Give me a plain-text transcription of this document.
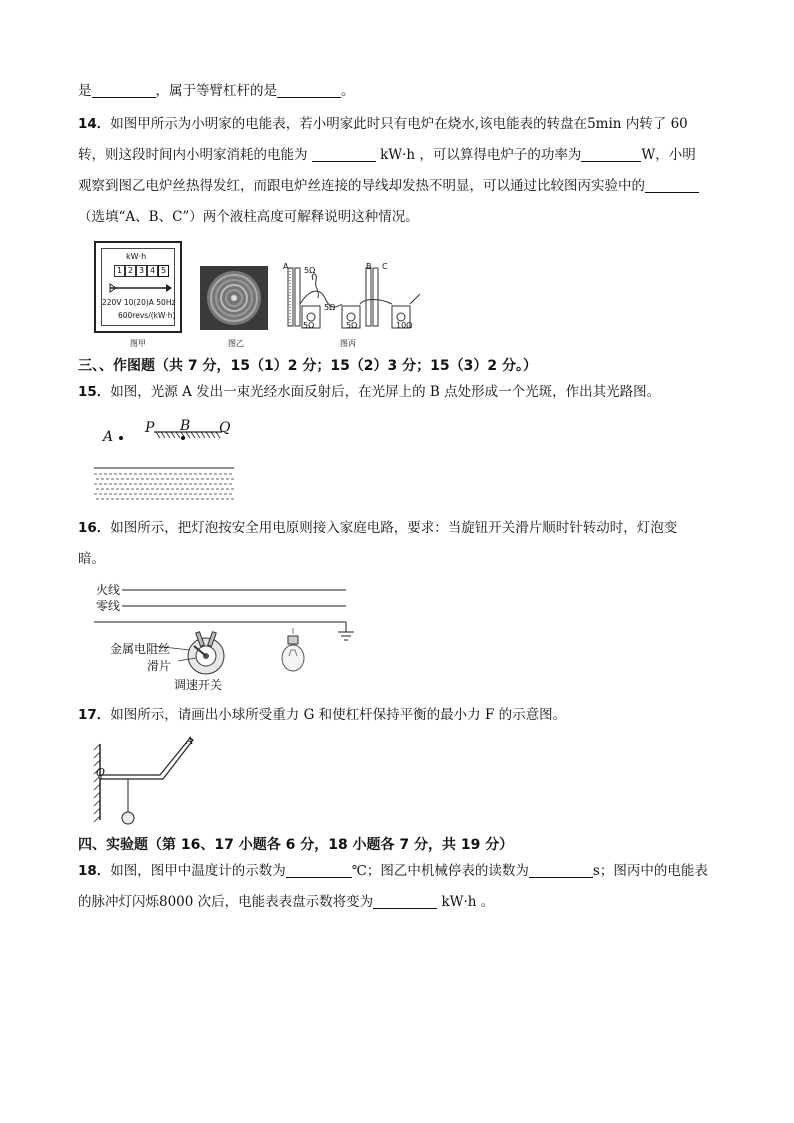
是	，属于等臂杠杆的是	。
14．如图甲所示为小明家的电能表，若小明家此时只有电炉在烧水,该电能表的转盘在5min 内转了 60
转，则这段时间内小明家消耗的电能为	kW·h ，可以算得电炉子的功率为	W，小明
观察到图乙电炉丝热得发红，而跟电炉丝连接的导线却发热不明显，可以通过比较图丙实验中的
（选填“A、B、C”）两个液柱高度可解释说明这种情况。
kW·h
1 2 3 4 5
220V 10(20)A 50Hz
600revs/(kW·h)
图甲	图乙
A 5Ω	B C
5Ω
5Ω
5Ω	10Ω
图丙
三、、作图题（共 7 分，15（1）2 分；15（2）3 分；15（3）2 分。）
15．如图，光源 A 发出一束光经水面反射后，在光屏上的 B 点处形成一个光斑，作出其光路图。
A
P B Q
16．如图所示，把灯泡按安全用电原则接入家庭电路，要求：当旋钮开关滑片顺时针转动时，灯泡变
暗。
火线
零线
金属电阻丝
滑片
调速开关
17．如图所示，请画出小球所受重力 G 和使杠杆保持平衡的最小力 F 的示意图。
O
A
四、实验题（第 16、17 小题各 6 分，18 小题各 7 分，共 19 分）
18．如图，图甲中温度计的示数为	℃；图乙中机械停表的读数为	s；图丙中的电能表
的脉冲灯闪烁8000 次后，电能表表盘示数将变为	kW·h 。
